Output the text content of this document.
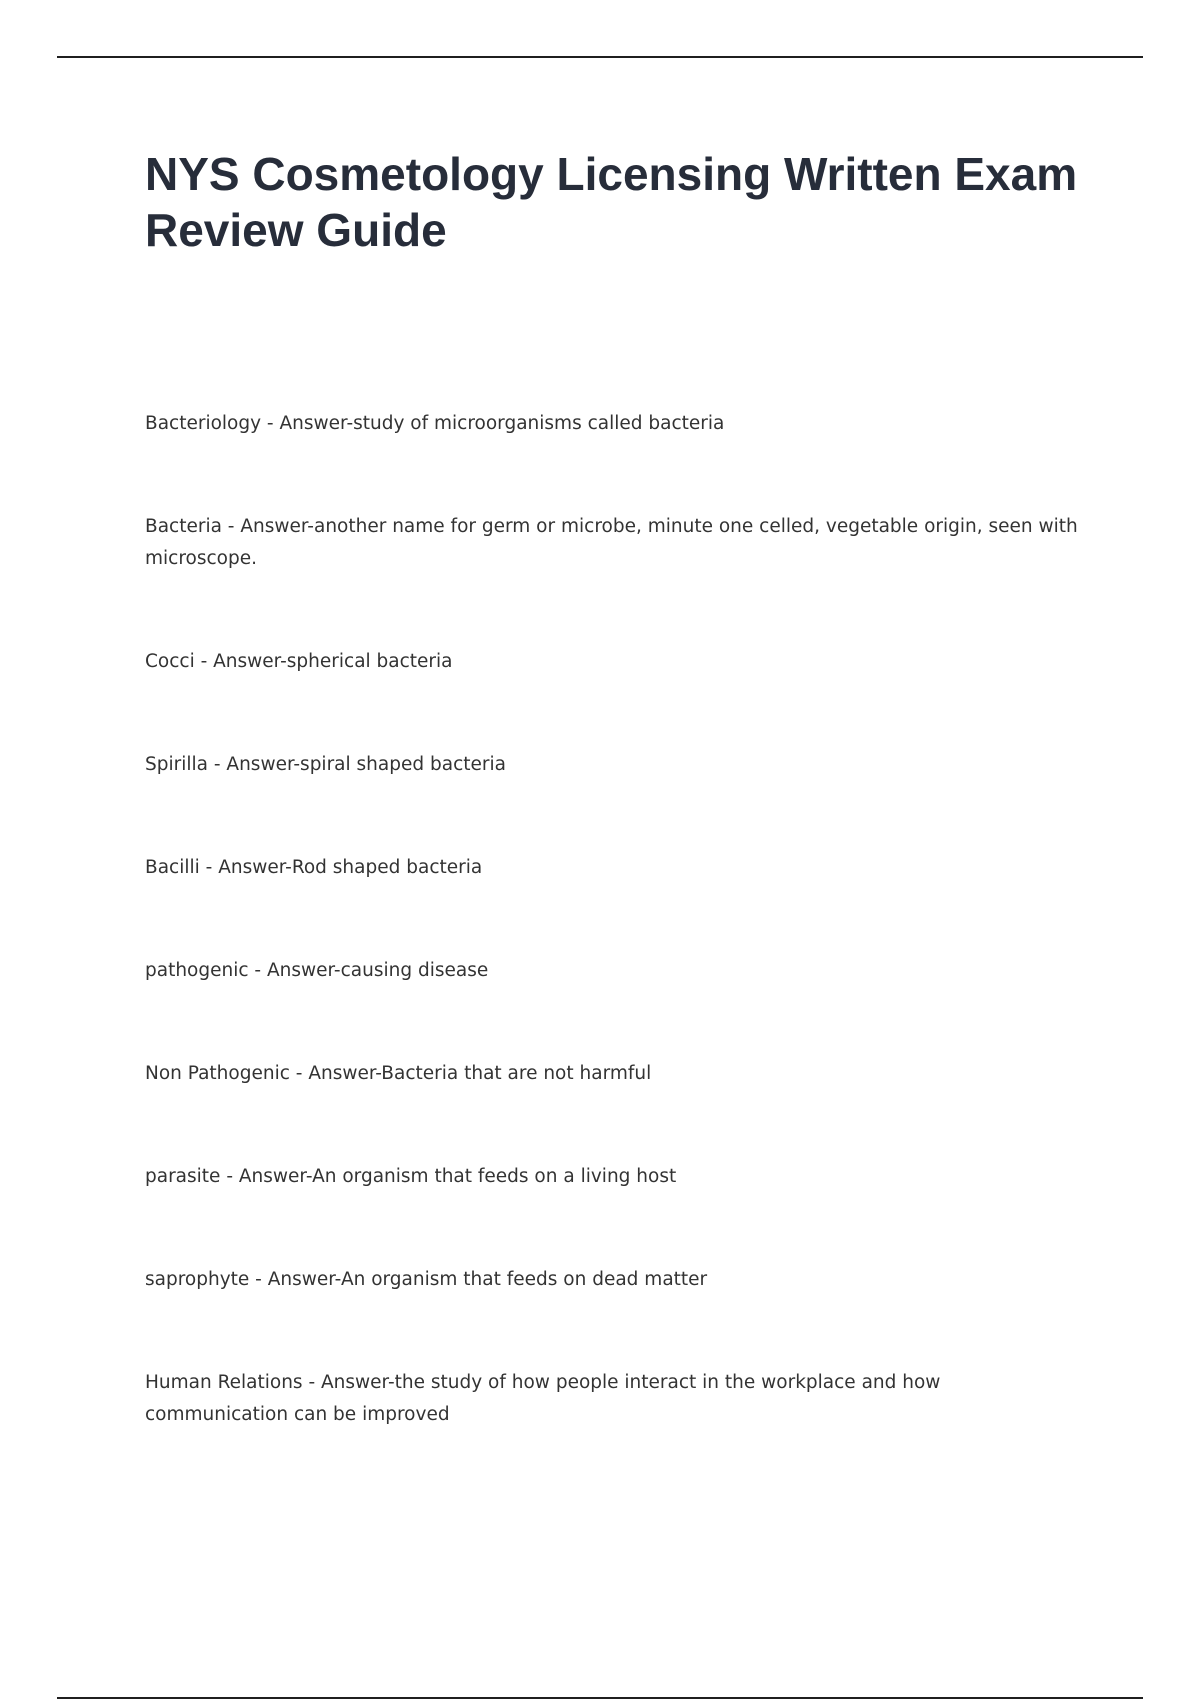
NYS Cosmetology Licensing Written Exam Review Guide
Bacteriology - Answer-study of microorganisms called bacteria
Bacteria - Answer-another name for germ or microbe, minute one celled, vegetable origin, seen with microscope.
Cocci - Answer-spherical bacteria
Spirilla - Answer-spiral shaped bacteria
Bacilli - Answer-Rod shaped bacteria
pathogenic - Answer-causing disease
Non Pathogenic - Answer-Bacteria that are not harmful
parasite - Answer-An organism that feeds on a living host
saprophyte - Answer-An organism that feeds on dead matter
Human Relations - Answer-the study of how people interact in the workplace and how communication can be improved
